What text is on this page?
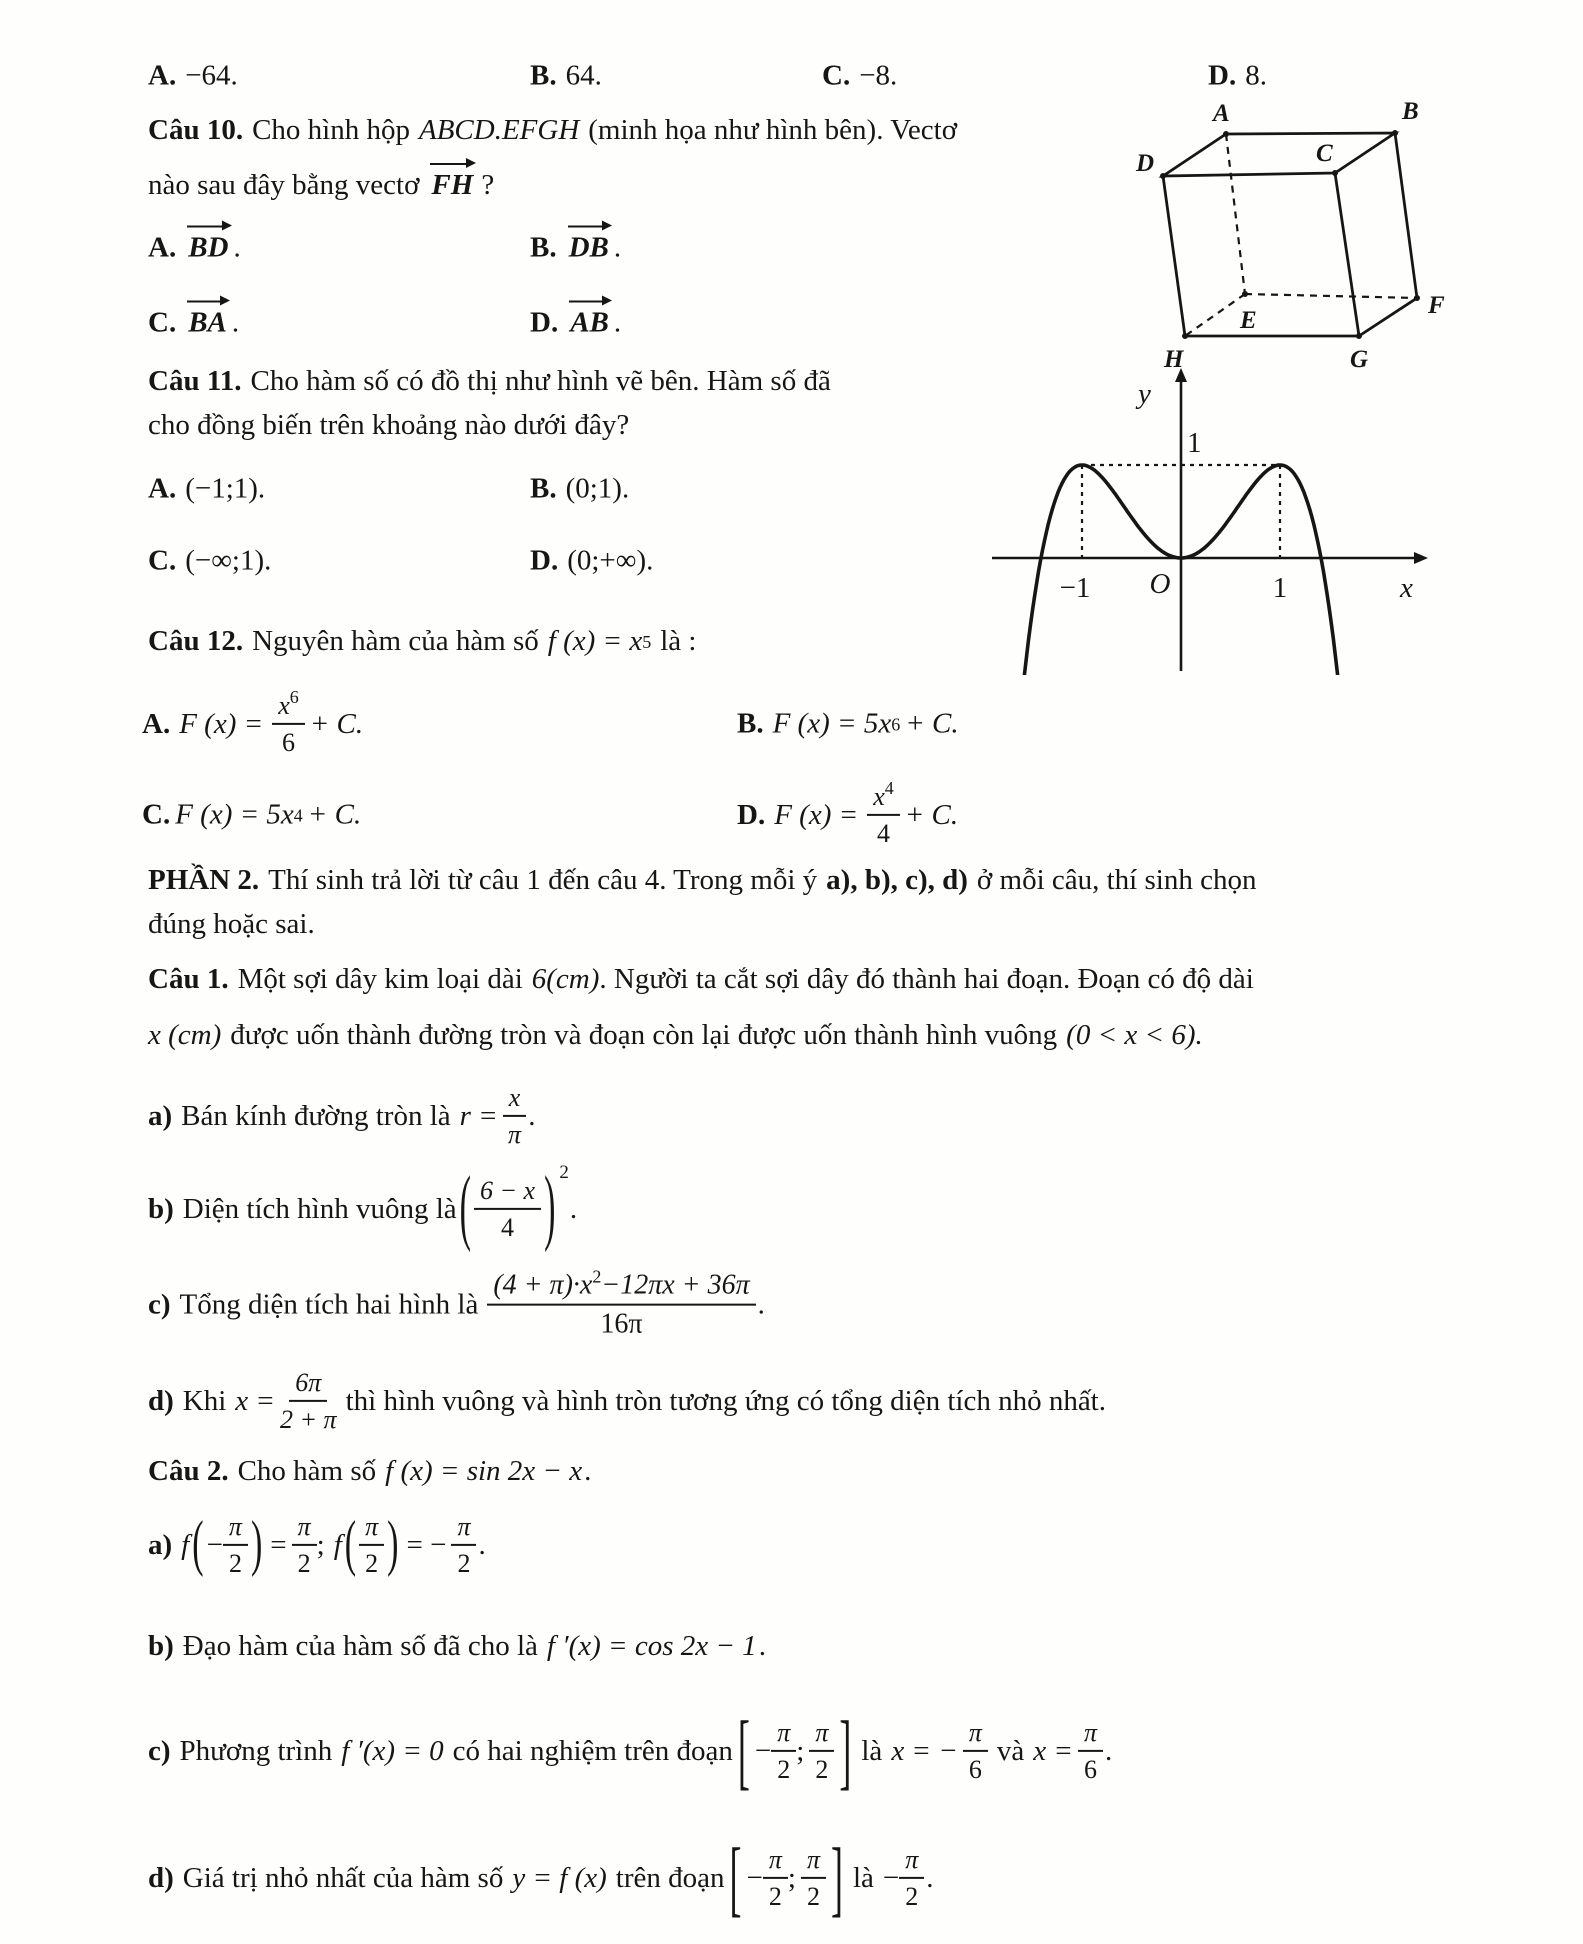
A. −64.	B. 64.	C. −8.	D. 8.
Câu 10. Cho hình hộp ABCD.EFGH (minh họa như hình bên). Vectơ
nào sau đây bằng vectơ FH ?
A. BD .	B. DB .
C. BA .	D. AB .
A	B
C
D
E
F
G
H
Câu 11. Cho hàm số có đồ thị như hình vẽ bên. Hàm số đã
cho đồng biến trên khoảng nào dưới đây?
A. (−1;1).	B. (0;1).
C. (−∞;1).	D. (0;+∞).
y
x
O
1
−1	1
Câu 12. Nguyên hàm của hàm số f (x) = x 5 là :
A. F $(x) = \frac{x^6}{6} + C$.	B. F (x) = 5x 6 + C.
C. F (x) = 5x 4 + C.	D. F $(x) = \frac{x^4}{4} + C$.
PHẦN 2. Thí sinh trả lời từ câu 1 đến câu 4. Trong mỗi ý a), b), c), d) ở mỗi câu, thí sinh chọn
đúng hoặc sai.
Câu 1. Một sợi dây kim loại dài 6(cm) . Người ta cắt sợi dây đó thành hai đoạn. Đoạn có độ dài
x (cm) được uốn thành đường tròn và đoạn còn lại được uốn thành hình vuông (0 < x < 6).
a) Bán kính đường tròn là $r = \frac{x}{\pi}$ .
b) Diện tích hình vuông là ( $\frac{6 - x}{4}$ ) 2
.
c) Tổng diện tích hai hình là $\frac{(4 + \pi)\cdot x^2-12\pi x + 36\pi}{16\pi}$ .
d) Khi $x = \frac{6\pi}{2 + \pi}$ thì hình vuông và hình tròn tương ứng có tổng diện tích nhỏ nhất.
Câu 2. Cho hàm số f (x) = sin 2x − x .
a) f ( − $\frac{\pi}{2}$ ) = $\frac{\pi}{2}$ ; f ( $\frac{\pi}{2}$ ) = − $\frac{\pi}{2}$ .
b) Đạo hàm của hàm số đã cho là f ′(x) = cos 2x − 1 .
c) Phương trình f ′(x) = 0 có hai nghiệm trên đoạn [ − $\frac{\pi}{2}$ ; $\frac{\pi}{2}$ ] là x = − $\frac{\pi}{6}$ và $x = \frac{\pi}{6}$ .
d) Giá trị nhỏ nhất của hàm số y = f (x) trên đoạn [ − $\frac{\pi}{2}$ ; $\frac{\pi}{2}$ ] là − $\frac{\pi}{2}$ .
